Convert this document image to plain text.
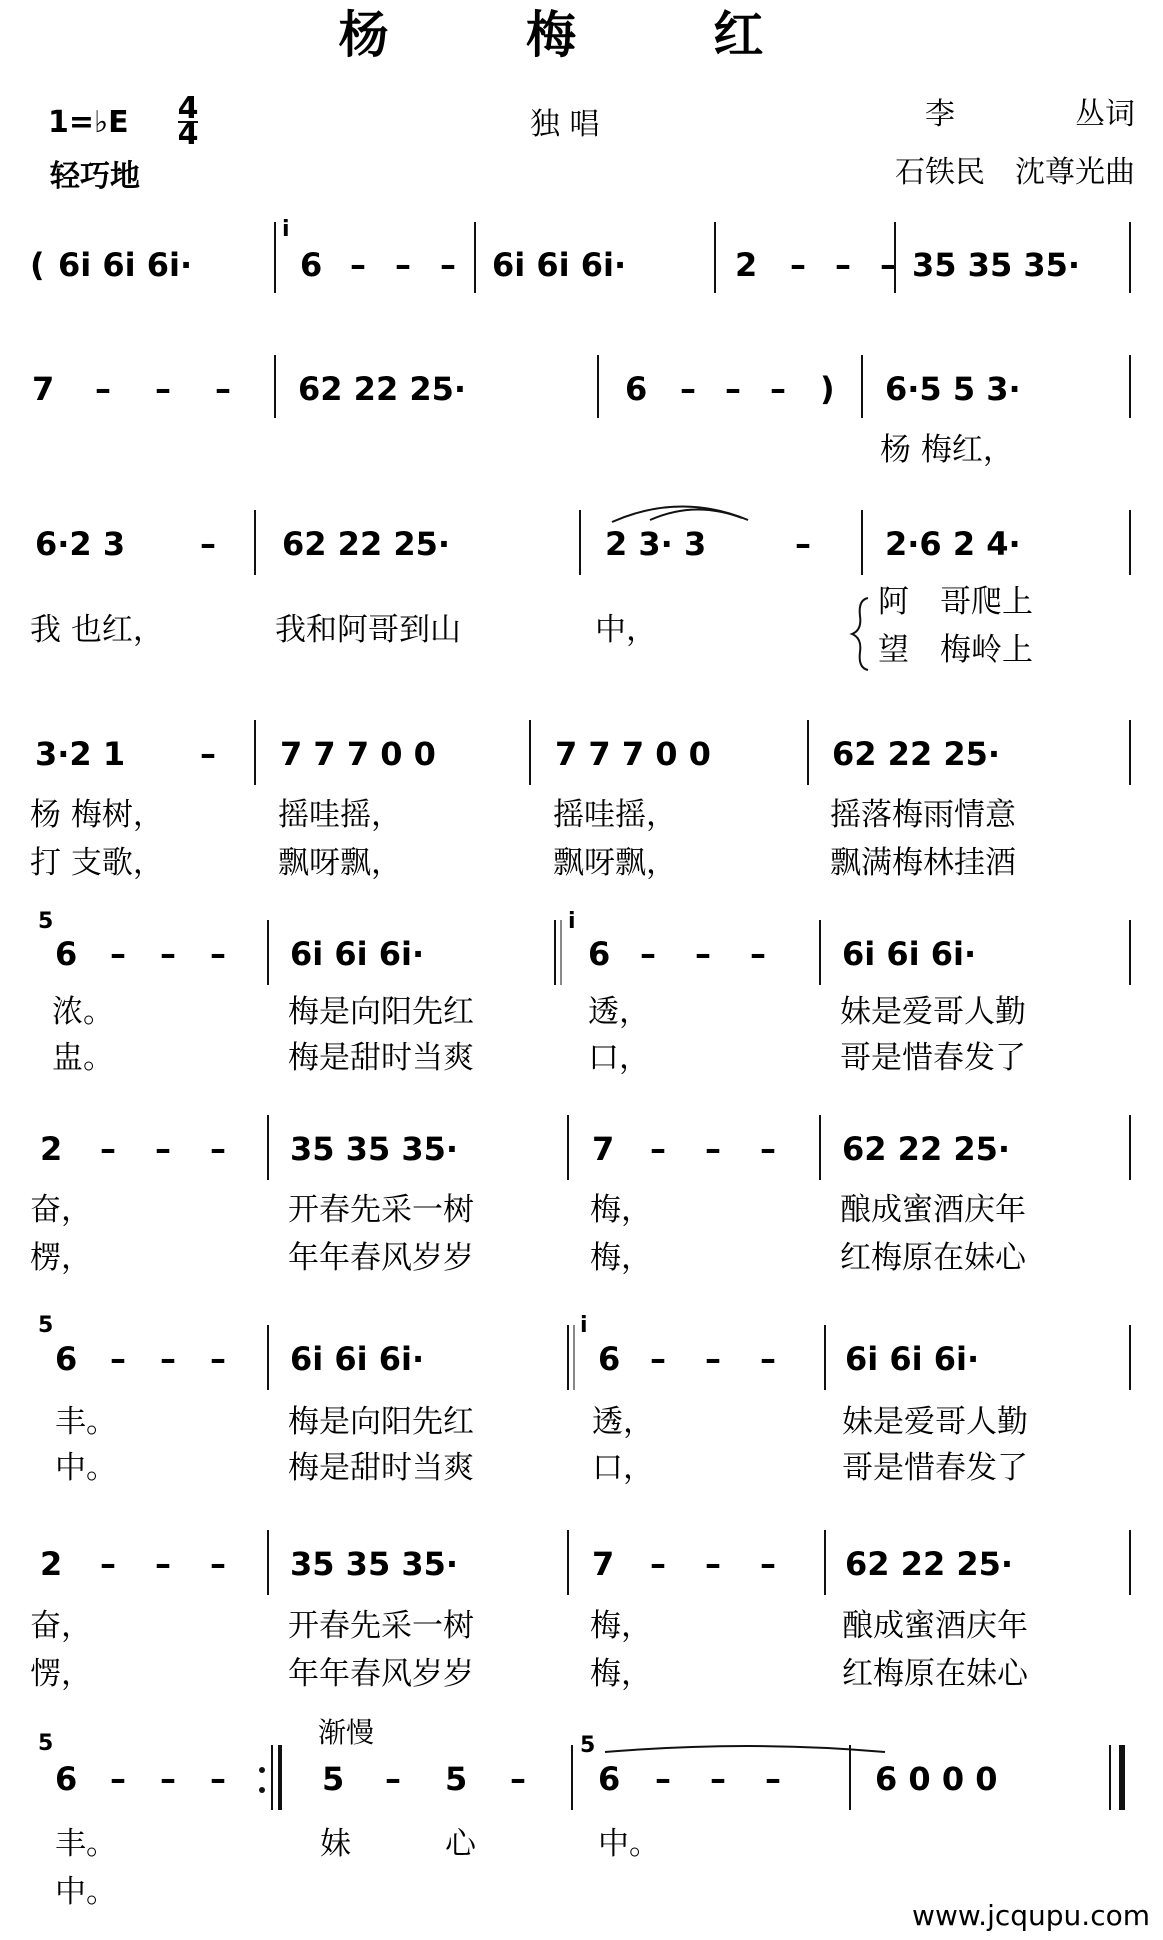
杨 梅 红
1=♭E 4
4
轻巧地
独 唱	李　　　　丛词
石铁民　沈尊光曲
( 6i 6i 6i·
i
6 – – – 6i 6i 6i·	2 – – – 35 35 35·
7 – – – 62 22 25·	6 – – – ) 6·5 5 3·
杨 梅红，
6·2 3 – 62 22 25·	2 3· 3	– 2·6 2 4·
我 也红，	我和阿哥到山	中，
阿　哥爬上
望　梅岭上
3·2 1 – 7 7 7 0 0	7 7 7 0 0	62 22 25·
杨 梅树，	摇哇摇，	摇哇摇，	摇落梅雨情意
打 支歌，	飘呀飘，	飘呀飘，	飘满梅林挂酒
5
6 – – – 6i 6i 6i·
i
6 – – – 6i 6i 6i·
浓。	梅是向阳先红	透，	妹是爱哥人勤
盅。	梅是甜时当爽	口，	哥是惜春发了
2 – – – 35 35 35·	7 – – – 62 22 25·
奋，	开春先采一树	梅，	酿成蜜酒庆年
楞，	年年春风岁岁	梅，	红梅原在妹心
5
6 – – – 6i 6i 6i·
i
6 – – – 6i 6i 6i·
丰。	梅是向阳先红	透，	妹是爱哥人勤
中。	梅是甜时当爽	口，	哥是惜春发了
2 – – – 35 35 35·	7 – – – 62 22 25·
奋，	开春先采一树	梅，	酿成蜜酒庆年
愣，	年年春风岁岁	梅，	红梅原在妹心
5
6 – – –
渐慢
5 – 5 –
5
6 – – –	6 0 0 0
丰。	妹	心	中。
中。
www.jcqupu.com
